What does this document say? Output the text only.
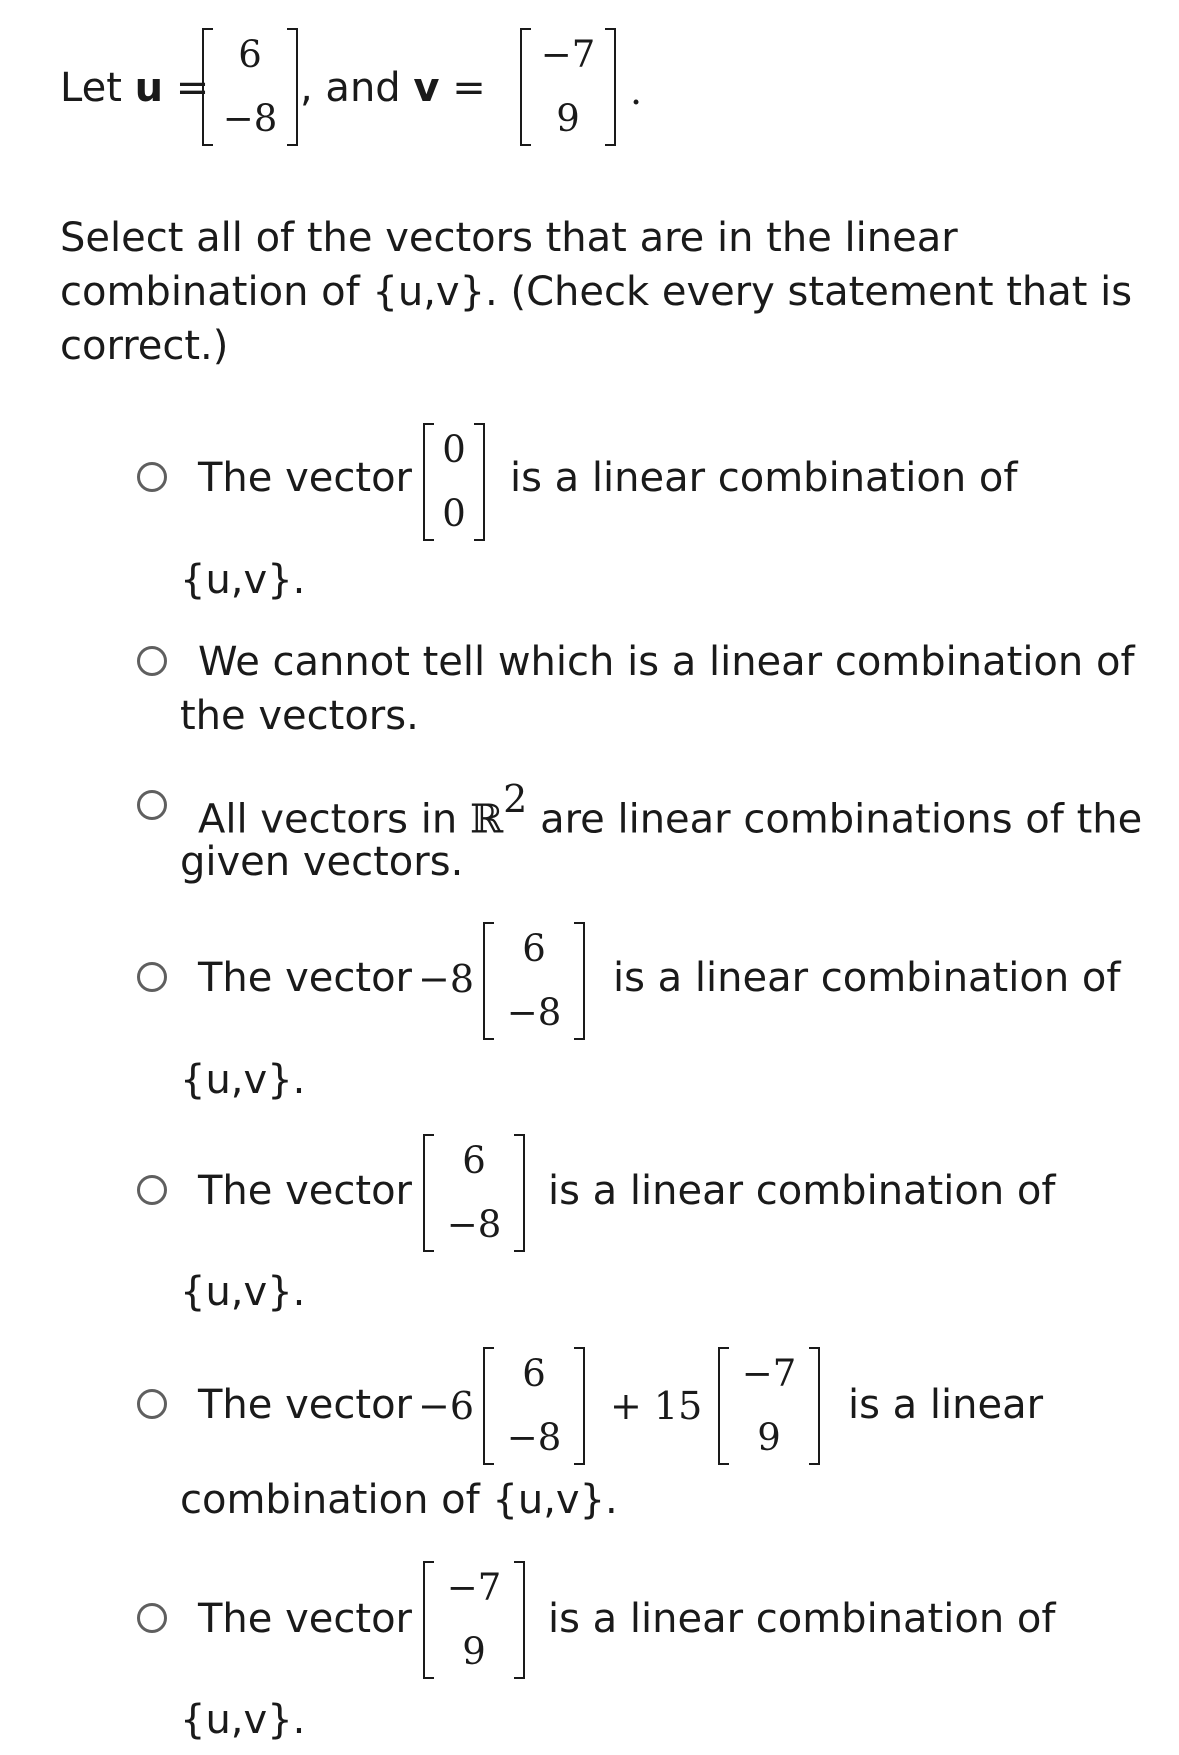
Let u =
6
−8
, and v =
−7
9
.
Select all of the vectors that are in the linear
combination of {u,v}. (Check every statement that is
correct.)
The vector
0
0
is a linear combination of
{u,v}.
We cannot tell which is a linear combination of
the vectors.
All vectors in ℝ$^2$ are linear combinations of the
given vectors.
The vector −8
6
−8
is a linear combination of
{u,v}.
The vector
6
−8
is a linear combination of
{u,v}.
The vector −6
6
−8
+ 15
−7
9
is a linear
combination of {u,v}.
The vector
−7
9
is a linear combination of
{u,v}.
